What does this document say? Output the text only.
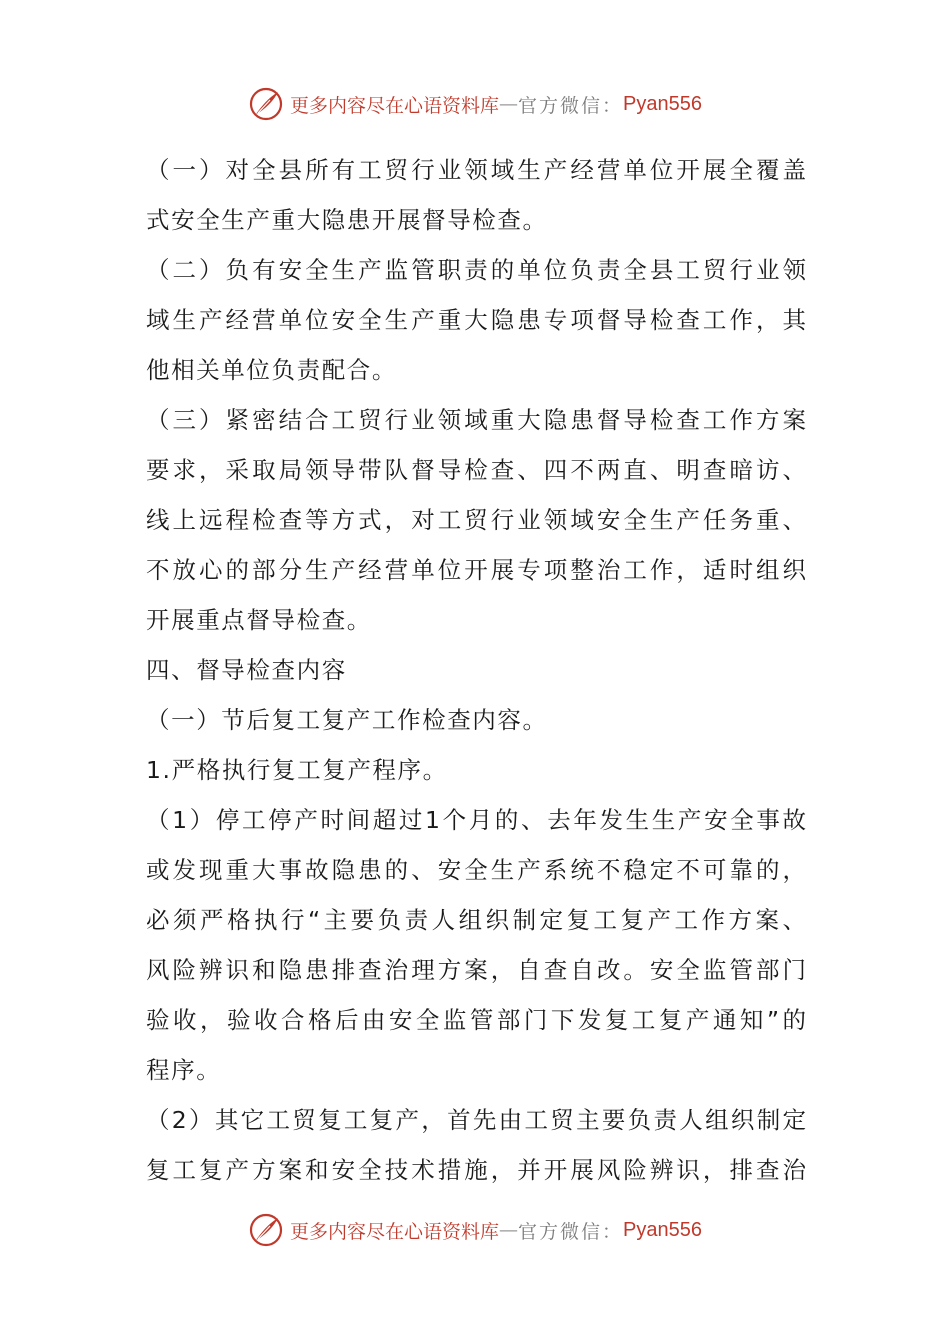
更多内容尽在心语资料库 — 官方微信： Pyan556
（一）对全县所有工贸行业领域生产经营单位开展全覆盖
式安全生产重大隐患开展督导检查。
（二）负有安全生产监管职责的单位负责全县工贸行业领
域生产经营单位安全生产重大隐患专项督导检查工作，其
他相关单位负责配合。
（三）紧密结合工贸行业领域重大隐患督导检查工作方案
要求，采取局领导带队督导检查、四不两直、明查暗访、
线上远程检查等方式，对工贸行业领域安全生产任务重、
不放心的部分生产经营单位开展专项整治工作，适时组织
开展重点督导检查。
四、督导检查内容
（一）节后复工复产工作检查内容。
1.严格执行复工复产程序。
（1）停工停产时间超过1个月的、去年发生生产安全事故
或发现重大事故隐患的、安全生产系统不稳定不可靠的，
必须严格执行“主要负责人组织制定复工复产工作方案、
风险辨识和隐患排查治理方案，自查自改。安全监管部门
验收，验收合格后由安全监管部门下发复工复产通知”的
程序。
（2）其它工贸复工复产，首先由工贸主要负责人组织制定
复工复产方案和安全技术措施，并开展风险辨识，排查治
更多内容尽在心语资料库 — 官方微信： Pyan556
